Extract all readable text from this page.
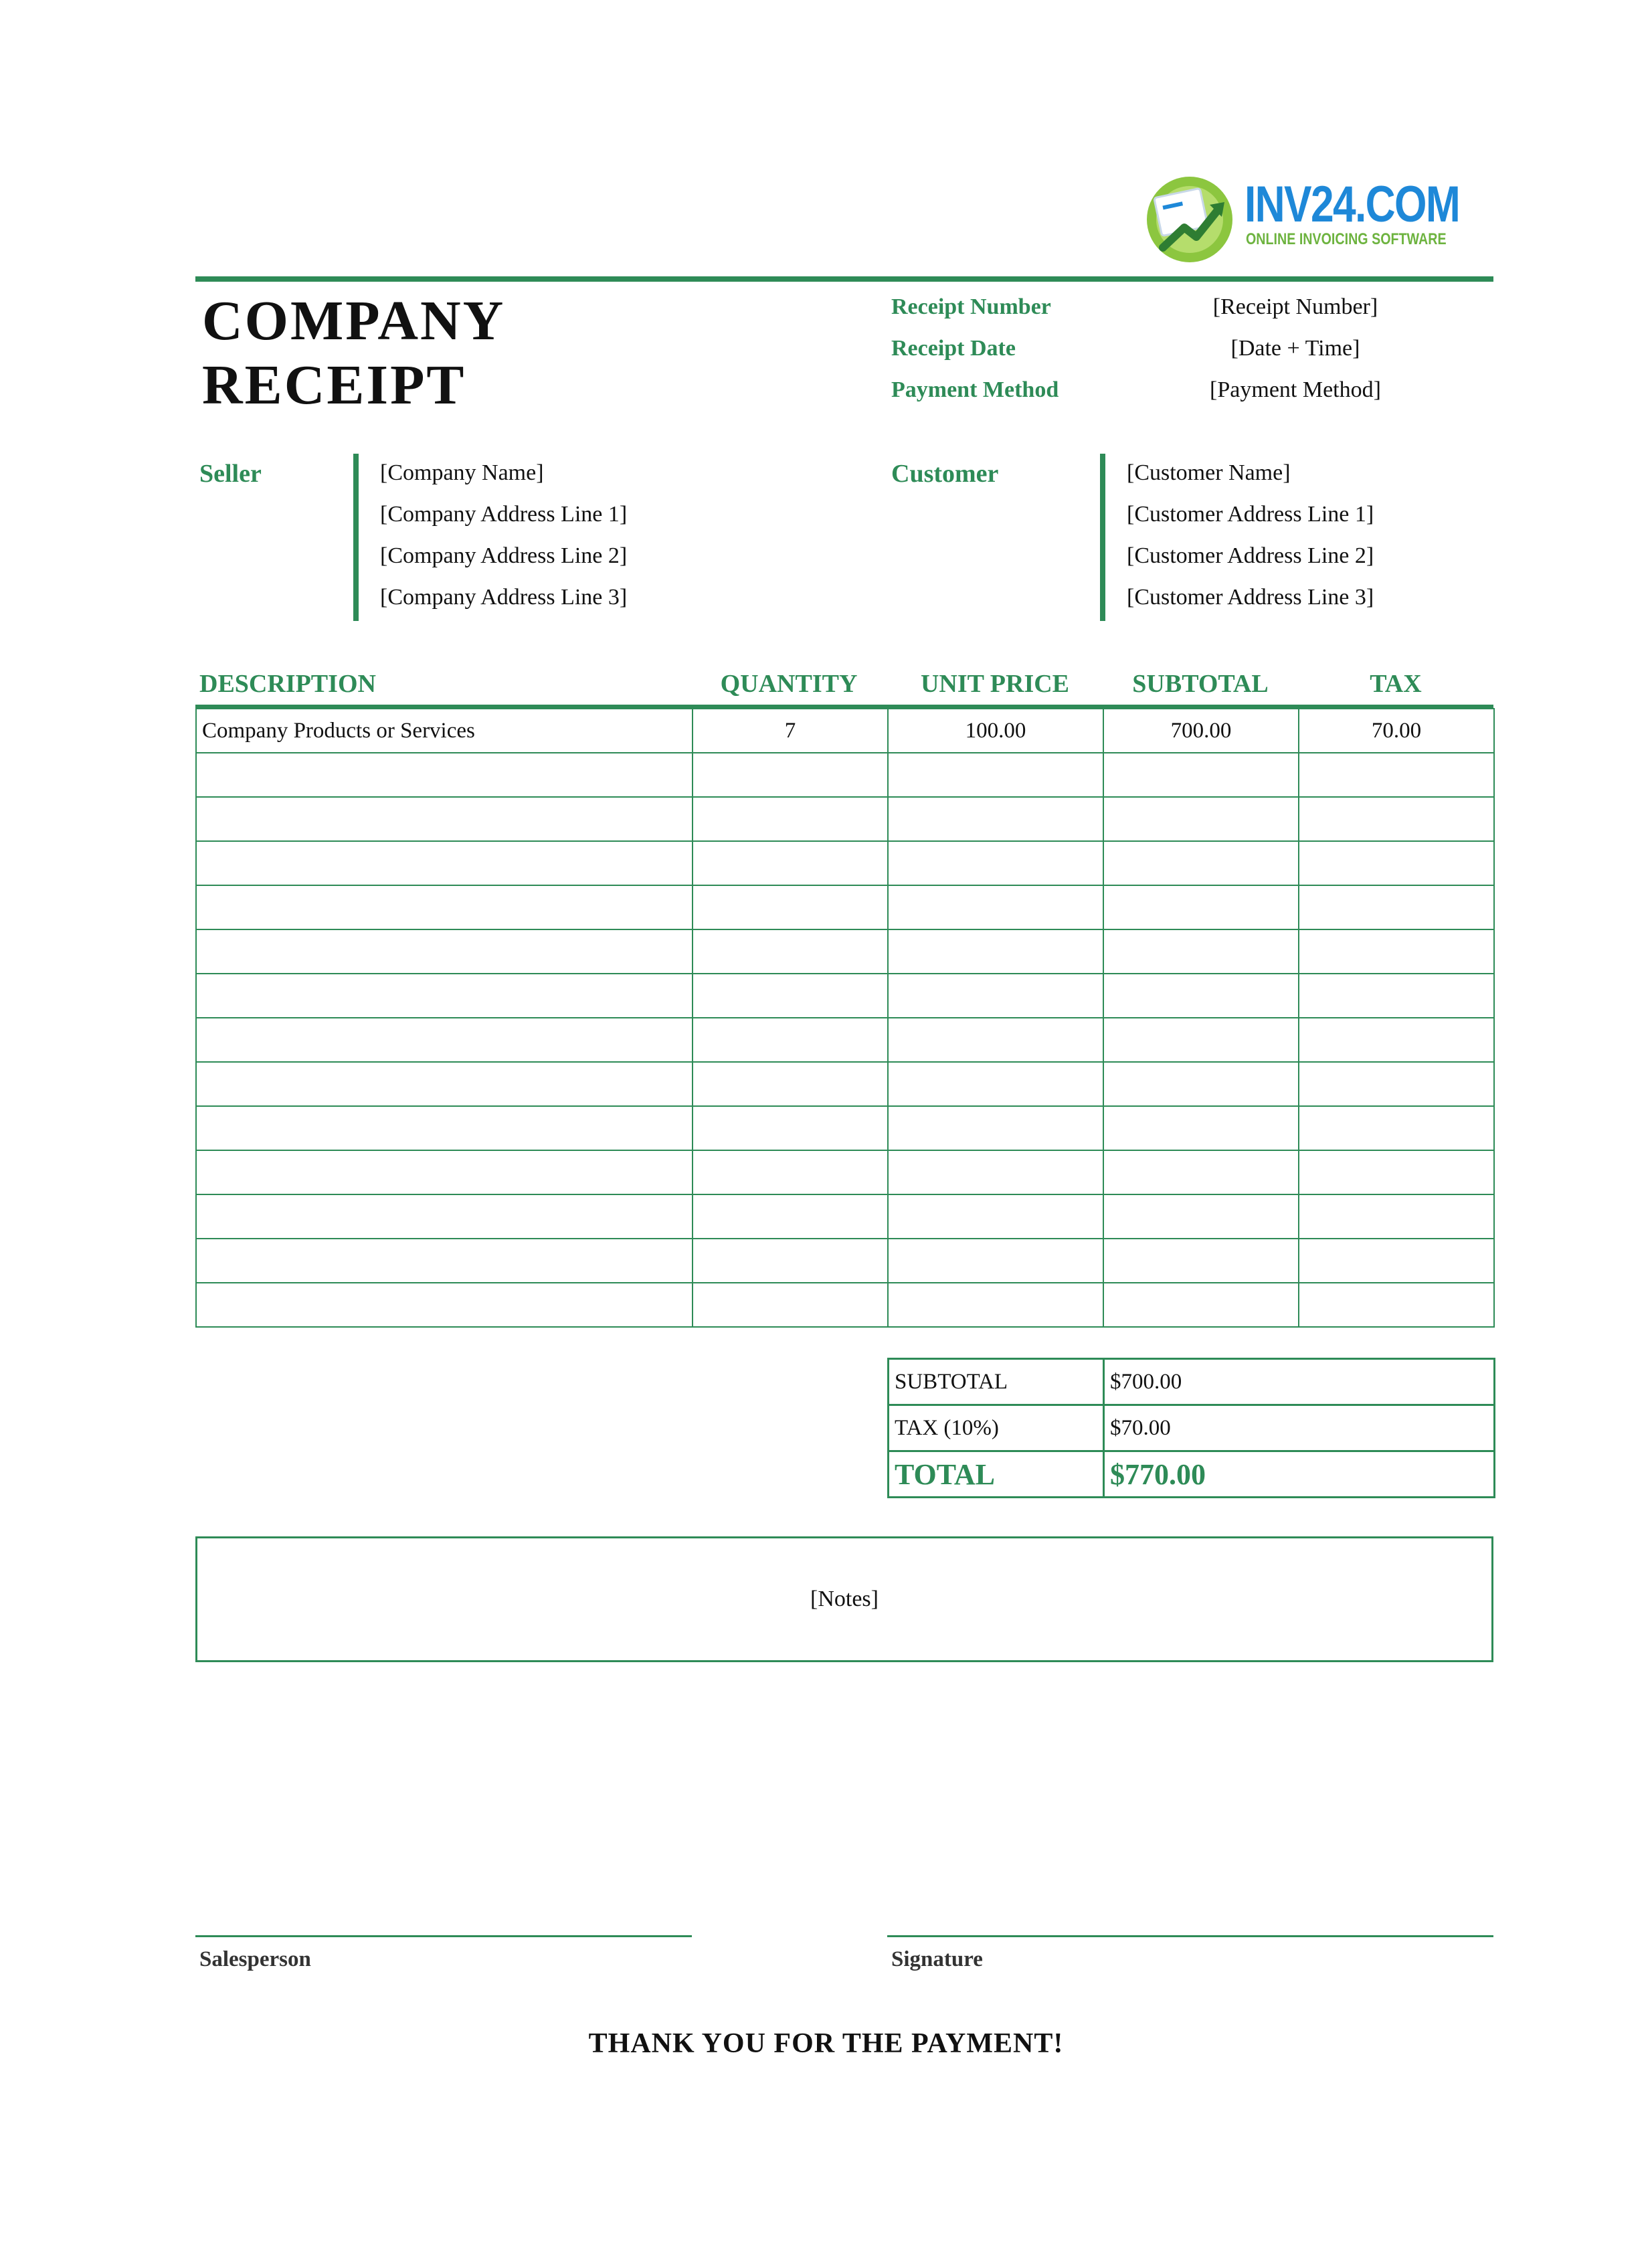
INV24.COM
ONLINE INVOICING SOFTWARE
COMPANY
RECEIPT
Receipt Number	[Receipt Number]
Receipt Date	[Date + Time]
Payment Method	[Payment Method]
Seller	[Company Name]
[Company Address Line 1]
[Company Address Line 2]
[Company Address Line 3]
Customer	[Customer Name]
[Customer Address Line 1]
[Customer Address Line 2]
[Customer Address Line 3]
DESCRIPTION	QUANTITY	UNIT PRICE	SUBTOTAL	TAX
Company Products or Services	7	100.00	700.00	70.00

SUBTOTAL	$700.00
TAX (10%)	$70.00
TOTAL	$770.00
[Notes]
Salesperson	Signature
THANK YOU FOR THE PAYMENT!
